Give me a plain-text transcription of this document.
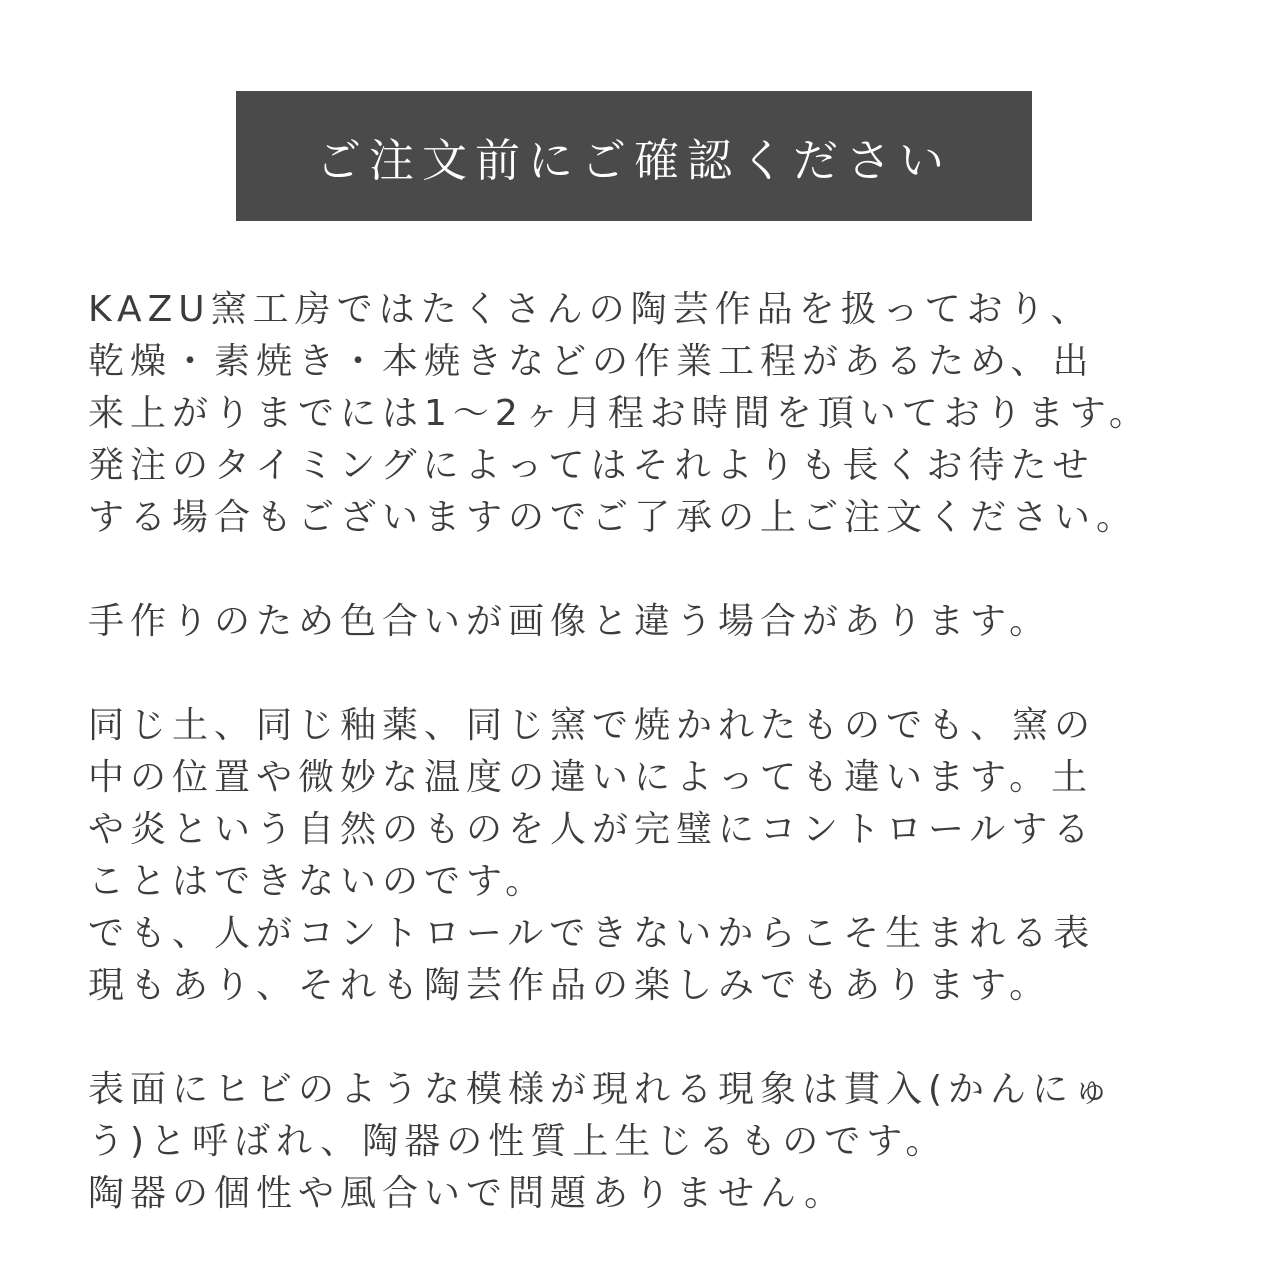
ご注文前にご確認ください
KAZU窯工房ではたくさんの陶芸作品を扱っており、
乾燥・素焼き・本焼きなどの作業工程があるため、出
来上がりまでには1～2ヶ月程お時間を頂いております。
発注のタイミングによってはそれよりも長くお待たせ
する場合もございますのでご了承の上ご注文ください。
手作りのため色合いが画像と違う場合があります。
同じ土、同じ釉薬、同じ窯で焼かれたものでも、窯の
中の位置や微妙な温度の違いによっても違います。土
や炎という自然のものを人が完璧にコントロールする
ことはできないのです。
でも、人がコントロールできないからこそ生まれる表
現もあり、それも陶芸作品の楽しみでもあります。
表面にヒビのような模様が現れる現象は貫入(かんにゅ
う)と呼ばれ、陶器の性質上生じるものです。
陶器の個性や風合いで問題ありません。
